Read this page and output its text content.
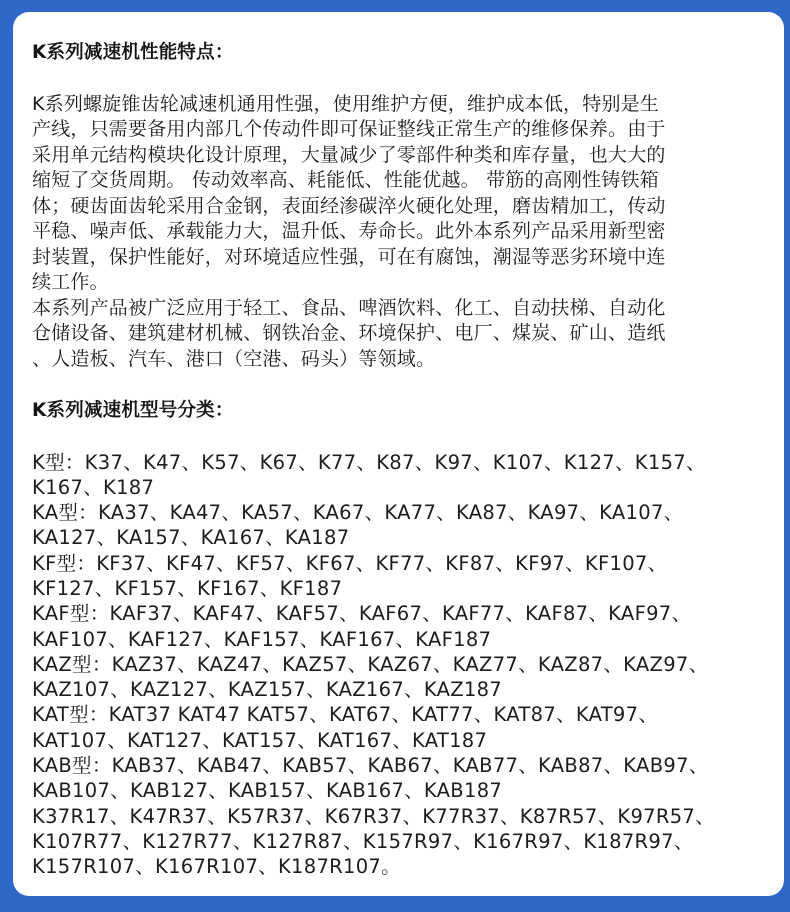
K系列减速机性能特点：
K系列螺旋锥齿轮减速机通用性强，使用维护方便，维护成本低，特别是生
产线，只需要备用内部几个传动件即可保证整线正常生产的维修保养。由于
采用单元结构模块化设计原理，大量减少了零部件种类和库存量，也大大的
缩短了交货周期。 传动效率高、耗能低、性能优越。 带筋的高刚性铸铁箱
体；硬齿面齿轮采用合金钢，表面经渗碳淬火硬化处理，磨齿精加工，传动
平稳、噪声低、承载能力大，温升低、寿命长。此外本系列产品采用新型密
封装置，保护性能好，对环境适应性强，可在有腐蚀，潮湿等恶劣环境中连
续工作。
本系列产品被广泛应用于轻工、食品、啤酒饮料、化工、自动扶梯、自动化
仓储设备、建筑建材机械、钢铁冶金、环境保护、电厂、煤炭、矿山、造纸
、人造板、汽车、港口（空港、码头）等领域。
K系列减速机型号分类：
K型：K37、K47、K57、K67、K77、K87、K97、K107、K127、K157、
K167、K187
KA型：KA37、KA47、KA57、KA67、KA77、KA87、KA97、KA107、
KA127、KA157、KA167、KA187
KF型：KF37、KF47、KF57、KF67、KF77、KF87、KF97、KF107、
KF127、KF157、KF167、KF187
KAF型：KAF37、KAF47、KAF57、KAF67、KAF77、KAF87、KAF97、
KAF107、KAF127、KAF157、KAF167、KAF187
KAZ型：KAZ37、KAZ47、KAZ57、KAZ67、KAZ77、KAZ87、KAZ97、
KAZ107、KAZ127、KAZ157、KAZ167、KAZ187
KAT型：KAT37 KAT47 KAT57、KAT67、KAT77、KAT87、KAT97、
KAT107、KAT127、KAT157、KAT167、KAT187
KAB型：KAB37、KAB47、KAB57、KAB67、KAB77、KAB87、KAB97、
KAB107、KAB127、KAB157、KAB167、KAB187
K37R17、K47R37、K57R37、K67R37、K77R37、K87R57、K97R57、
K107R77、K127R77、K127R87、K157R97、K167R97、K187R97、
K157R107、K167R107、K187R107。
